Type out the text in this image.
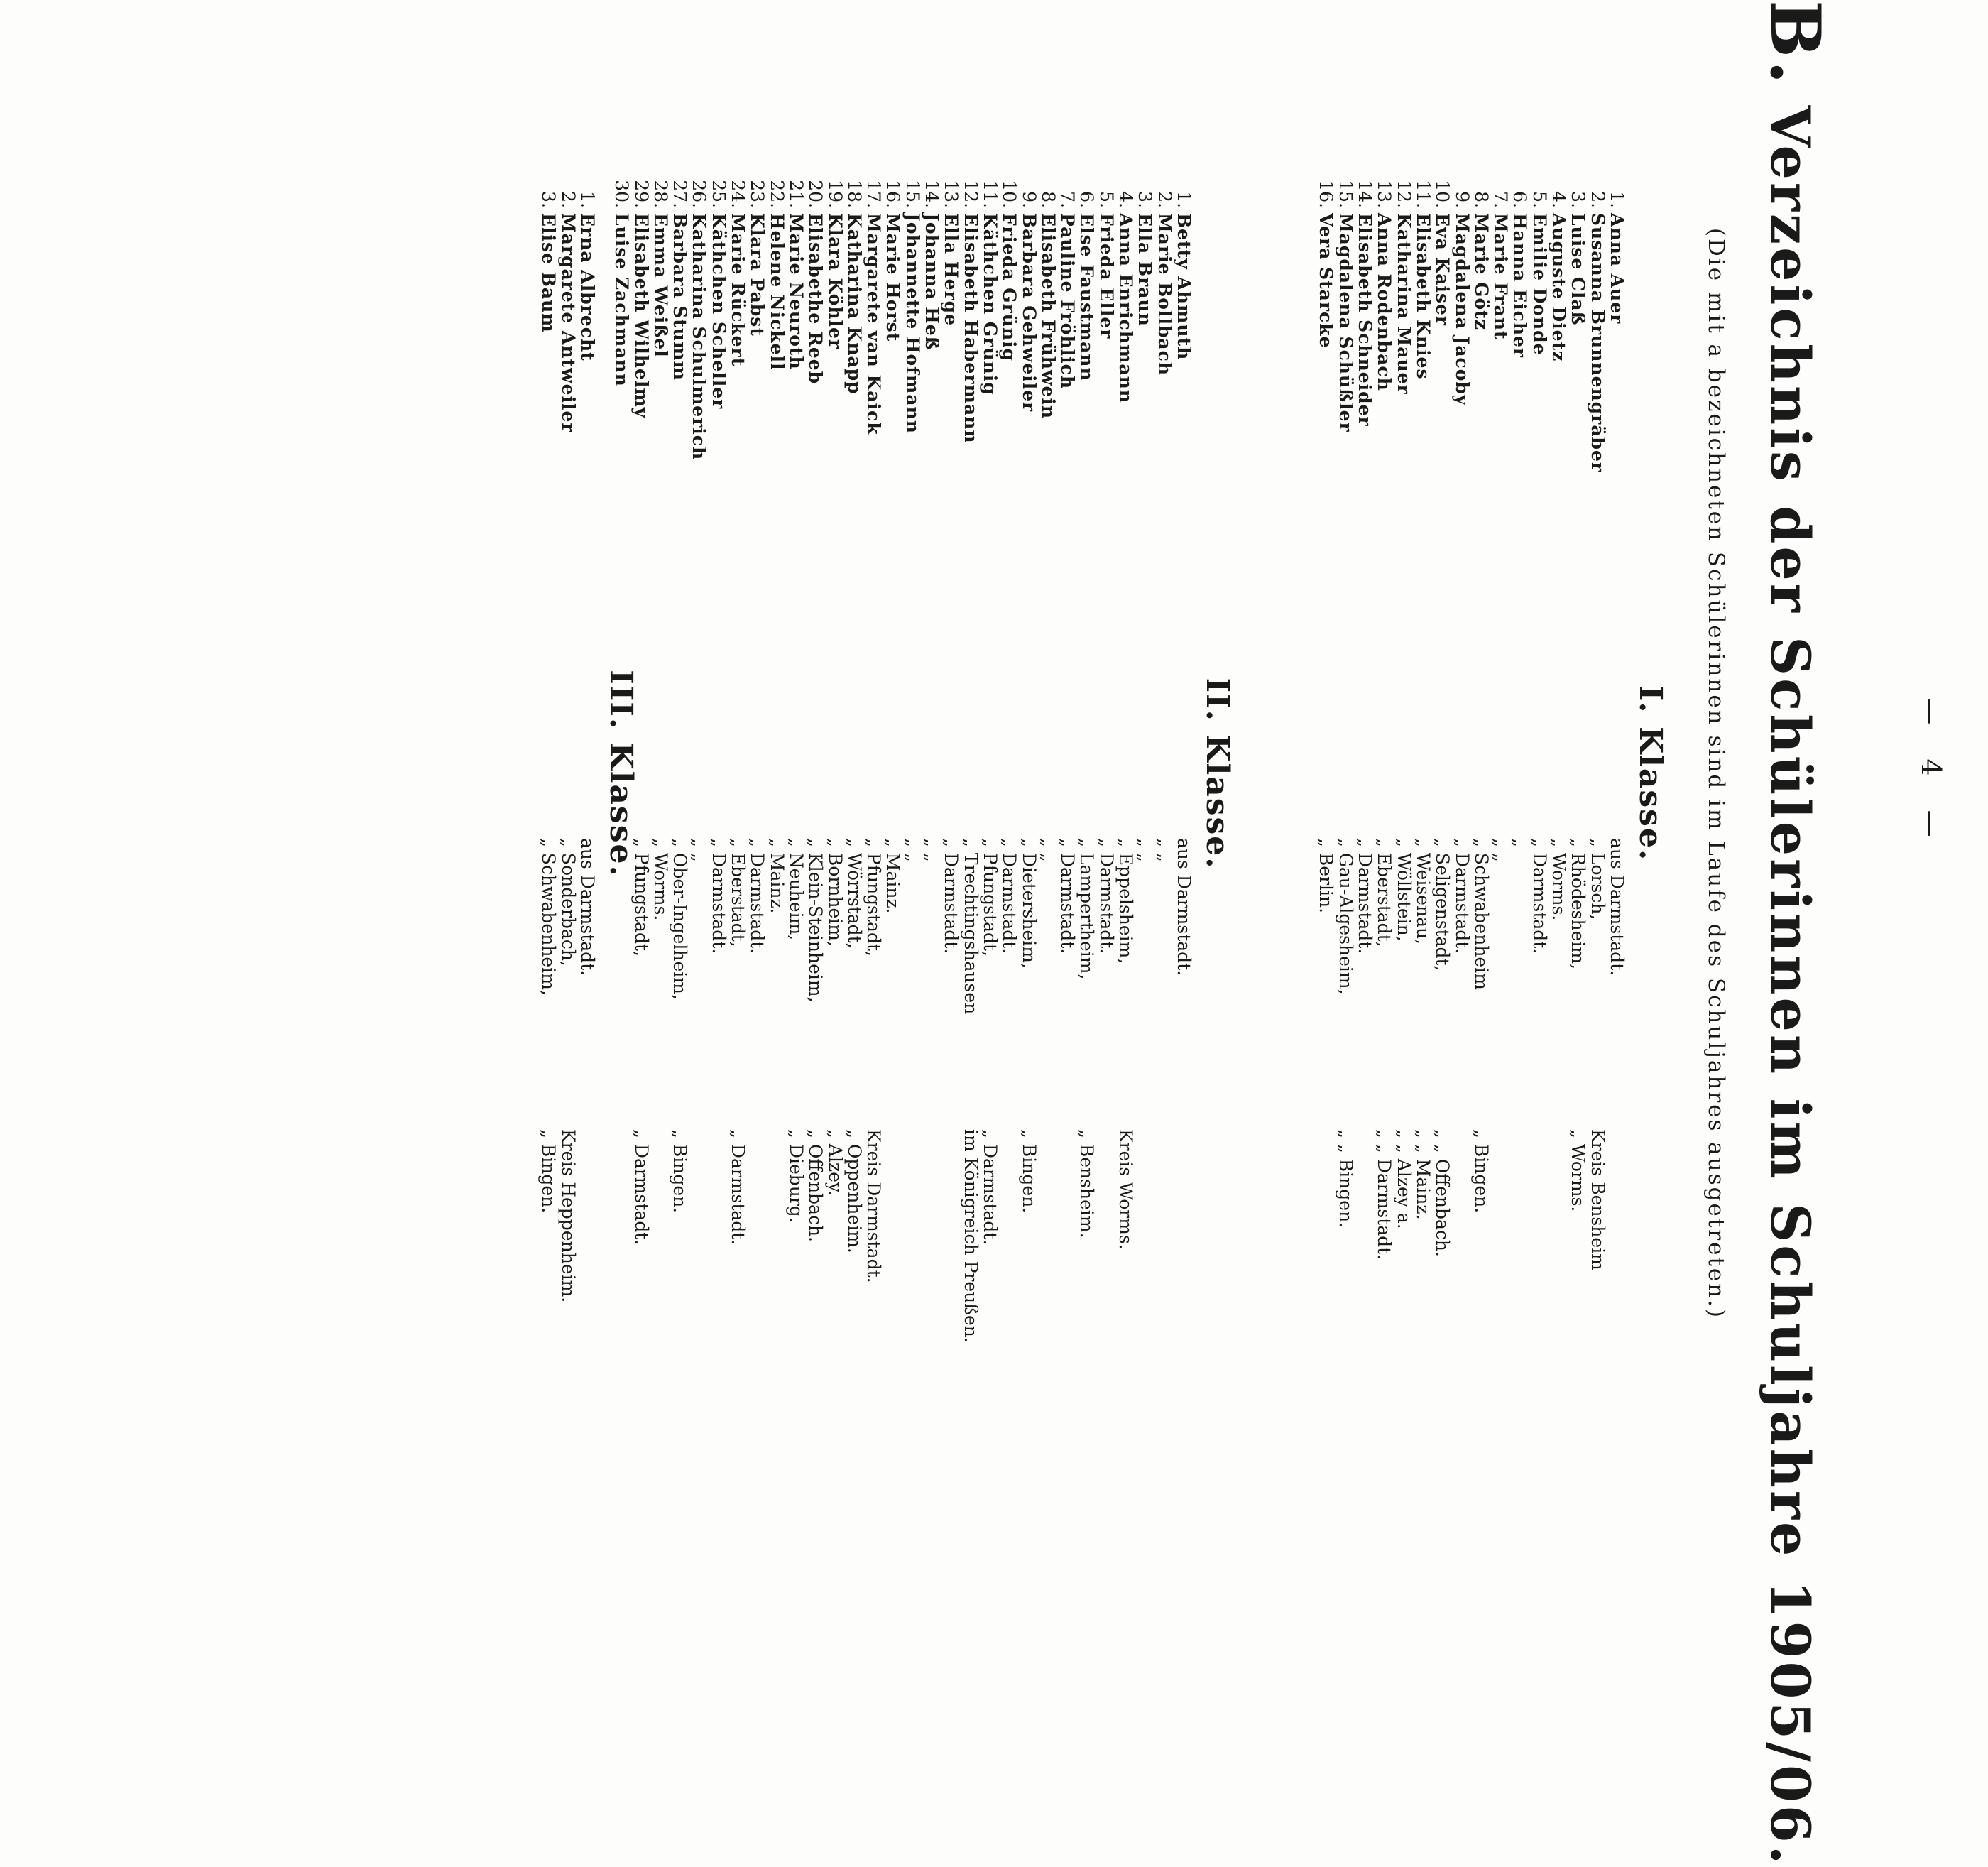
— 4 —
B.Verzeichnis der Schülerinnen im Schuljahre 1905/06.
(Die mit a bezeichneten Schülerinnen sind im Laufe des Schuljahres ausgetreten.)
I. Klasse.
1.
Anna Auer
aus Darmstadt.
2.
Susanna Brunnengräber
„ Lorsch,
Kreis Bensheim
3.
Luise Claß
„ Rhödesheim,
„ Worms.
4.
Auguste Dietz
„ Worms.
5.
Emilie Donde
„ Darmstadt.
6.
Hanna Eicher
„
7.
Marie Frant
„ „
8.
Marie Götz
„ Schwabenheim
„ Bingen.
9.
Magdalena Jacoby
„ Darmstadt.
10.
Eva Kaiser
„ Seligenstadt,
„ „ Offenbach.
11.
Elisabeth Knies
„ Weisenau,
„ „ Mainz.
12.
Katharina Mauer
„ Wöllstein,
„ „ Alzey a.
13.
Anna Rodenbach
„ Eberstadt,
„ „ Darmstadt.
14.
Elisabeth Schneider
„ Darmstadt.
15.
Magdalena Schüßler
„ Gau-Algesheim,
„ „ Bingen.
16.
Vera Starcke
„ Berlin.
II. Klasse.
1.
Betty Ahmuth
aus Darmstadt.
2.
Marie Bollbach
„ „
3.
Ella Braun
„ „
4.
Anna Enrichmann
„ Eppelsheim,
Kreis Worms.
5.
Frieda Eller
„ Darmstadt.
6.
Else Faustmann
„ Lampertheim,
„ Bensheim.
7.
Pauline Fröhlich
„ Darmstadt.
8.
Elisabeth Frühwein
„ „
9.
Barbara Gehweiler
„ Dietersheim,
„ Bingen.
10.
Frieda Grünig
„ Darmstadt.
11.
Käthchen Grünig
„ Pfungstadt,
„ Darmstadt.
12.
Elisabeth Habermann
„ Trechtingshausen
im Königreich Preußen.
13.
Ella Herge
„ Darmstadt.
14.
Johanna Heß
„ „
15.
Johannette Hofmann
„ „
16.
Marie Horst
„ Mainz.
17.
Margarete van Kaick
„ Pfungstadt,
Kreis Darmstadt.
18.
Katharina Knapp
„ Wörrstadt,
„ Oppenheim.
19.
Klara Köhler
„ Bornheim,
„ Alzey.
20.
Elisabethe Reeb
„ Klein-Steinheim,
„ Offenbach.
21.
Marie Neuroth
„ Neuheim,
„ Dieburg.
22.
Helene Nickell
„ Mainz.
23.
Klara Pabst
„ Darmstadt.
24.
Marie Rückert
„ Eberstadt,
„ Darmstadt.
25.
Käthchen Scheller
„ Darmstadt.
26.
Katharina Schulmerich
„ „
27.
Barbara Stumm
„ Ober-Ingelheim,
„ Bingen.
28.
Emma Weißel
„ Worms.
29.
Elisabeth Wilhelmy
„ Pfungstadt,
„ Darmstadt.
30.
Luise Zachmann
III. Klasse.
1.
Erna Albrecht
aus Darmstadt.
2.
Margarete Antweiler
„ Sonderbach,
Kreis Heppenheim.
3.
Elise Baum
„ Schwabenheim,
„ Bingen.
